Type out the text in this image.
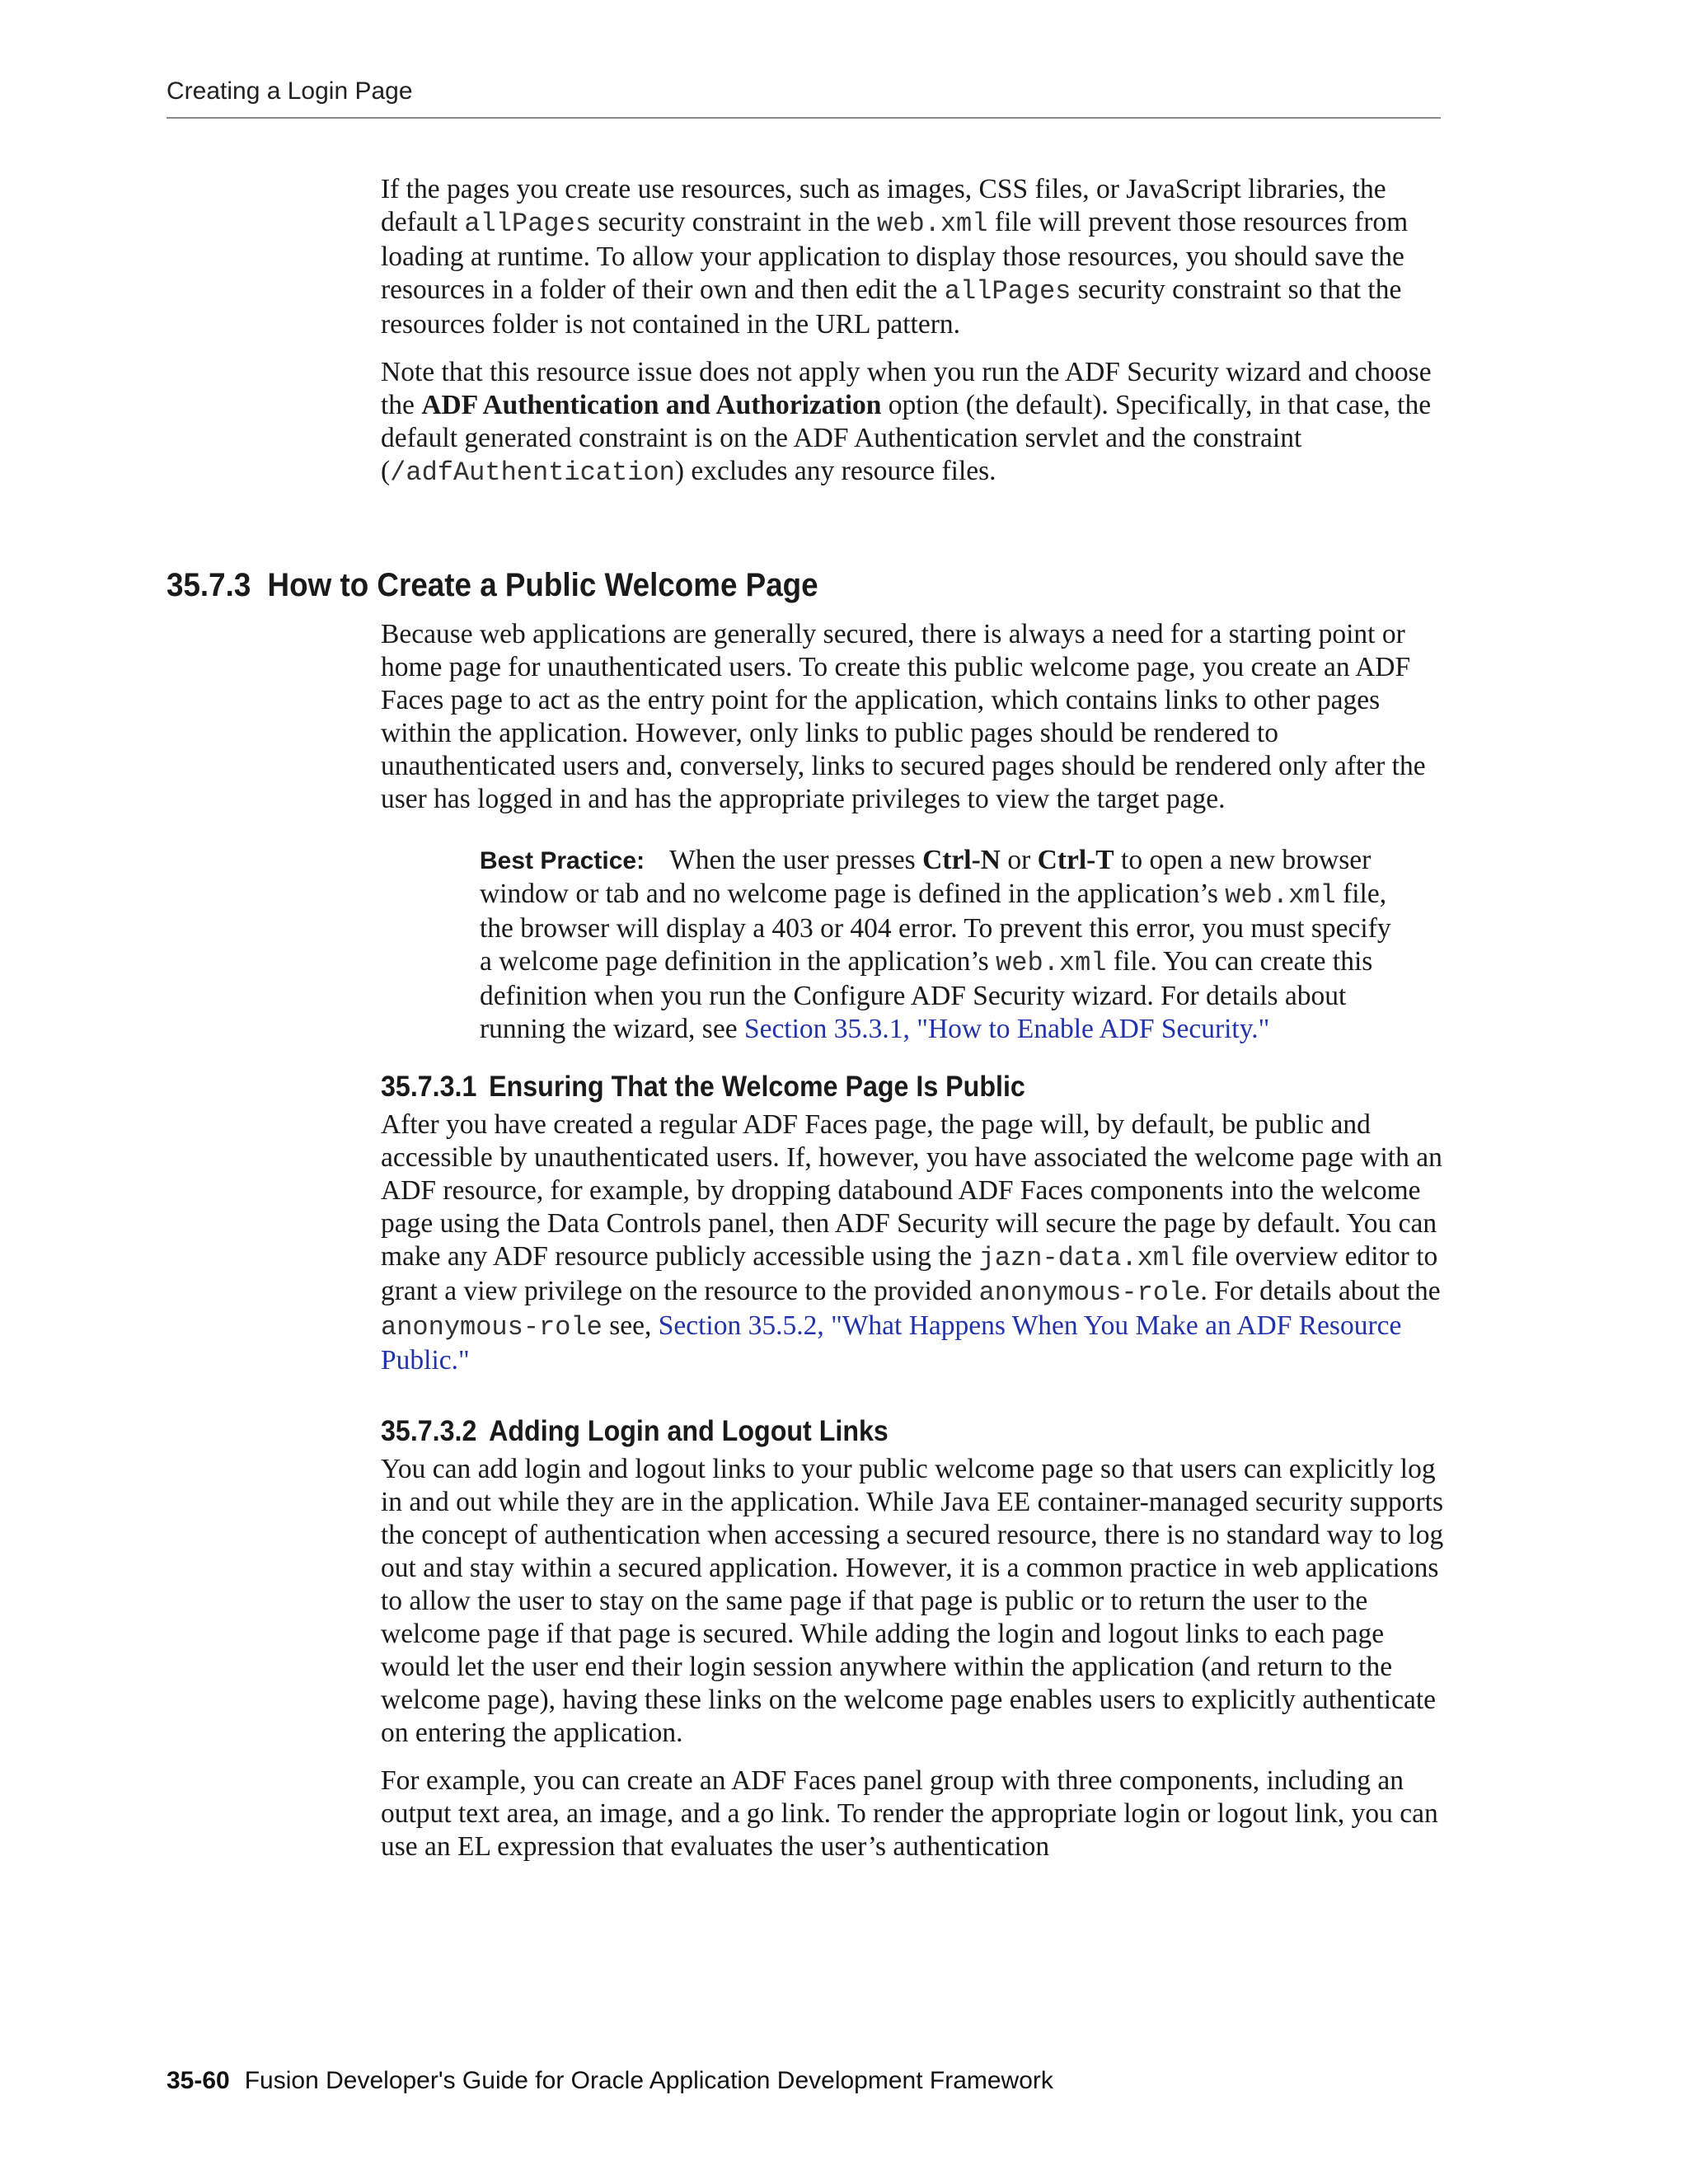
Creating a Login Page

If the pages you create use resources, such as images, CSS files, or JavaScript libraries, the default allPages security constraint in the web.xml file will prevent those resources from loading at runtime. To allow your application to display those resources, you should save the resources in a folder of their own and then edit the allPages security constraint so that the resources folder is not contained in the URL pattern.

Note that this resource issue does not apply when you run the ADF Security wizard and choose the ADF Authentication and Authorization option (the default). Specifically, in that case, the default generated constraint is on the ADF Authentication servlet and the constraint (/adfAuthentication) excludes any resource files.

35.7.3 How to Create a Public Welcome Page

Because web applications are generally secured, there is always a need for a starting point or home page for unauthenticated users. To create this public welcome page, you create an ADF Faces page to act as the entry point for the application, which contains links to other pages within the application. However, only links to public pages should be rendered to unauthenticated users and, conversely, links to secured pages should be rendered only after the user has logged in and has the appropriate privileges to view the target page.

Best Practice: When the user presses Ctrl-N or Ctrl-T to open a new browser window or tab and no welcome page is defined in the application’s web.xml file, the browser will display a 403 or 404 error. To prevent this error, you must specify a welcome page definition in the application’s web.xml file. You can create this definition when you run the Configure ADF Security wizard. For details about running the wizard, see Section 35.3.1, "How to Enable ADF Security."

35.7.3.1 Ensuring That the Welcome Page Is Public

After you have created a regular ADF Faces page, the page will, by default, be public and accessible by unauthenticated users. If, however, you have associated the welcome page with an ADF resource, for example, by dropping databound ADF Faces components into the welcome page using the Data Controls panel, then ADF Security will secure the page by default. You can make any ADF resource publicly accessible using the jazn-data.xml file overview editor to grant a view privilege on the resource to the provided anonymous-role. For details about the anonymous-role see, Section 35.5.2, "What Happens When You Make an ADF Resource Public."

35.7.3.2 Adding Login and Logout Links

You can add login and logout links to your public welcome page so that users can explicitly log in and out while they are in the application. While Java EE container-managed security supports the concept of authentication when accessing a secured resource, there is no standard way to log out and stay within a secured application. However, it is a common practice in web applications to allow the user to stay on the same page if that page is public or to return the user to the welcome page if that page is secured. While adding the login and logout links to each page would let the user end their login session anywhere within the application (and return to the welcome page), having these links on the welcome page enables users to explicitly authenticate on entering the application.

For example, you can create an ADF Faces panel group with three components, including an output text area, an image, and a go link. To render the appropriate login or logout link, you can use an EL expression that evaluates the user’s authentication

35-60 Fusion Developer's Guide for Oracle Application Development Framework
